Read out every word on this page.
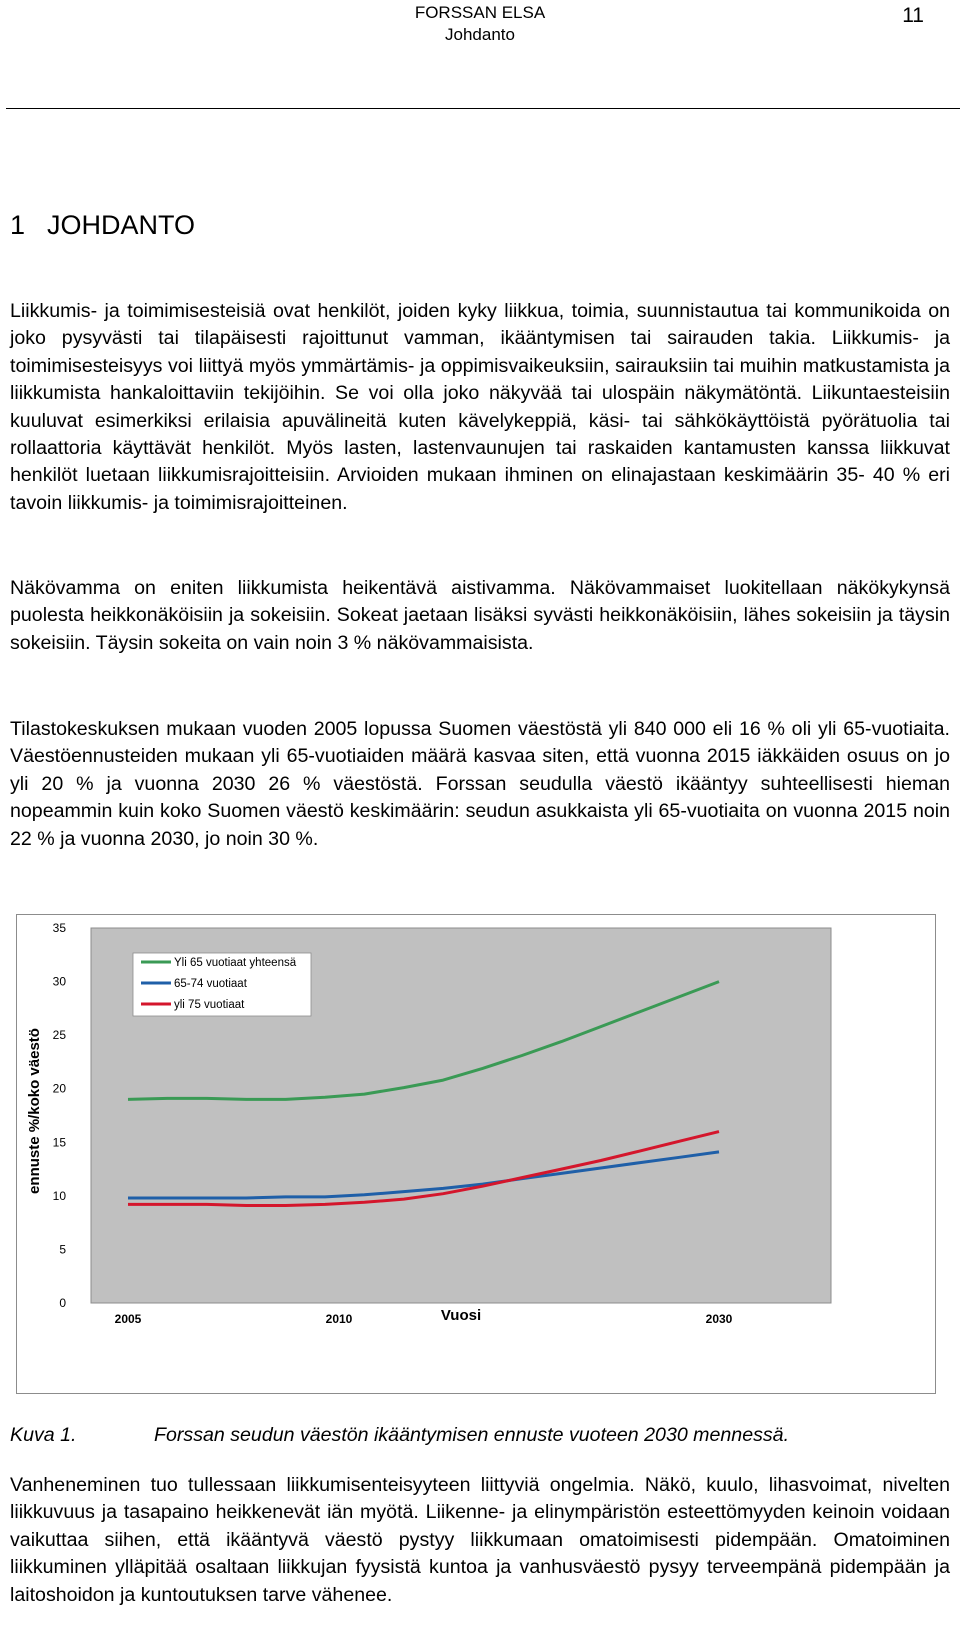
FORSSAN ELSA
Johdanto
11
1 JOHDANTO

Liikkumis- ja toimimisesteisiä ovat henkilöt, joiden kyky liikkua, toimia, suunnistautua tai kommunikoida on joko pysyvästi tai tilapäisesti rajoittunut vamman, ikääntymisen tai sairauden takia. Liikkumis- ja toimimisesteisyys voi liittyä myös ymmärtämis- ja oppimisvaikeuksiin, sairauksiin tai muihin matkustamista ja liikkumista hankaloittaviin tekijöihin. Se voi olla joko näkyvää tai ulospäin näkymätöntä. Liikuntaesteisiin kuuluvat esimerkiksi erilaisia apuvälineitä kuten kävelykeppiä, käsi- tai sähkökäyttöistä pyörätuolia tai rollaattoria käyttävät henkilöt. Myös lasten, lastenvaunujen tai raskaiden kantamusten kanssa liikkuvat henkilöt luetaan liikkumisrajoitteisiin. Arvioiden mukaan ihminen on elinajastaan keskimäärin 35- 40 % eri tavoin liikkumis- ja toimimisrajoitteinen.

Näkövamma on eniten liikkumista heikentävä aistivamma. Näkövammaiset luokitellaan näkökykynsä puolesta heikkonäköisiin ja sokeisiin. Sokeat jaetaan lisäksi syvästi heikkonäköisiin, lähes sokeisiin ja täysin sokeisiin. Täysin sokeita on vain noin 3 % näkövammaisista.

Tilastokeskuksen mukaan vuoden 2005 lopussa Suomen väestöstä yli 840 000 eli 16 % oli yli 65-vuotiaita. Väestöennusteiden mukaan yli 65-vuotiaiden määrä kasvaa siten, että vuonna 2015 iäkkäiden osuus on jo yli 20 % ja vuonna 2030 26 % väestöstä. Forssan seudulla väestö ikääntyy suhteellisesti hieman nopeammin kuin koko Suomen väestö keskimäärin: seudun asukkaista yli 65-vuotiaita on vuonna 2015 noin 22 % ja vuonna 2030, jo noin 30 %.

0
5
10
15
20
25
30
35
2005	2010	2030
Yli 65 vuotiaat yhteensä
65-74 vuotiaat
yli 75 vuotiaat
Vuosi
ennuste %/koko väestö
Kuva 1.	Forssan seudun väestön ikääntymisen ennuste vuoteen 2030 mennessä.

Vanheneminen tuo tullessaan liikkumisenteisyyteen liittyviä ongelmia. Näkö, kuulo, lihasvoimat, nivelten liikkuvuus ja tasapaino heikkenevät iän myötä. Liikenne- ja elinympäristön esteettömyyden keinoin voidaan vaikuttaa siihen, että ikääntyvä väestö pystyy liikkumaan omatoimisesti pidempään. Omatoiminen liikkuminen ylläpitää osaltaan liikkujan fyysistä kuntoa ja vanhusväestö pysyy terveempänä pidempään ja laitoshoidon ja kuntoutuksen tarve vähenee.
